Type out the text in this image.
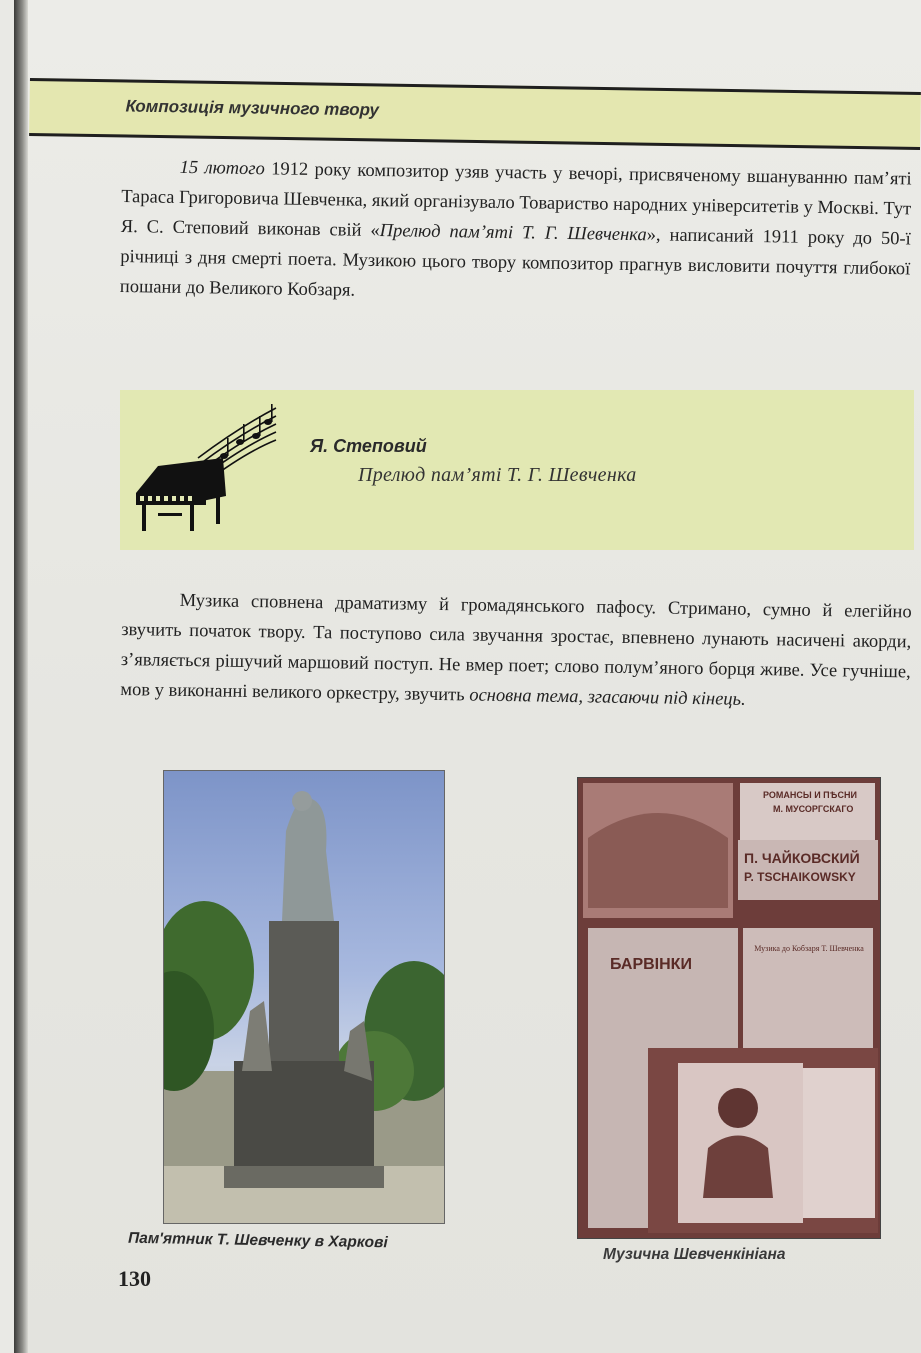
Композиція музичного твору

15 лютого 1912 року композитор узяв участь у вечорі, присвяченому вшануванню пам’яті Тараса Григоровича Шевченка, який організувало Товариство народних університетів у Москві. Тут Я. С. Степовий виконав свій «Прелюд пам’яті Т. Г. Шевченка», написаний 1911 року до 50-ї річниці з дня смерті поета. Музикою цього твору композитор прагнув висловити почуття глибокої пошани до Великого Кобзаря.

Я. Степовий
Прелюд пам’яті Т. Г. Шевченка

Музика сповнена драматизму й громадянського пафосу. Стримано, сумно й елегійно звучить початок твору. Та поступово сила звучання зростає, впевнено лунають насичені акорди, з’являється рішучий маршовий поступ. Не вмер поет; слово полум’яного борця живе. Усе гучніше, мов у виконанні великого оркестру, звучить основна тема, згасаючи під кінець.

РОМАНСЫ И ПѢСНИ
М. МУСОРГСКАГО
П. ЧАЙКОВСКИЙ
P. TSCHAIKOWSKY
БАРВІНКИ
Музика до Кобзаря Т. Шевченка
Пам'ятник Т. Шевченку в Харкові
Музична Шевченкініана
130
